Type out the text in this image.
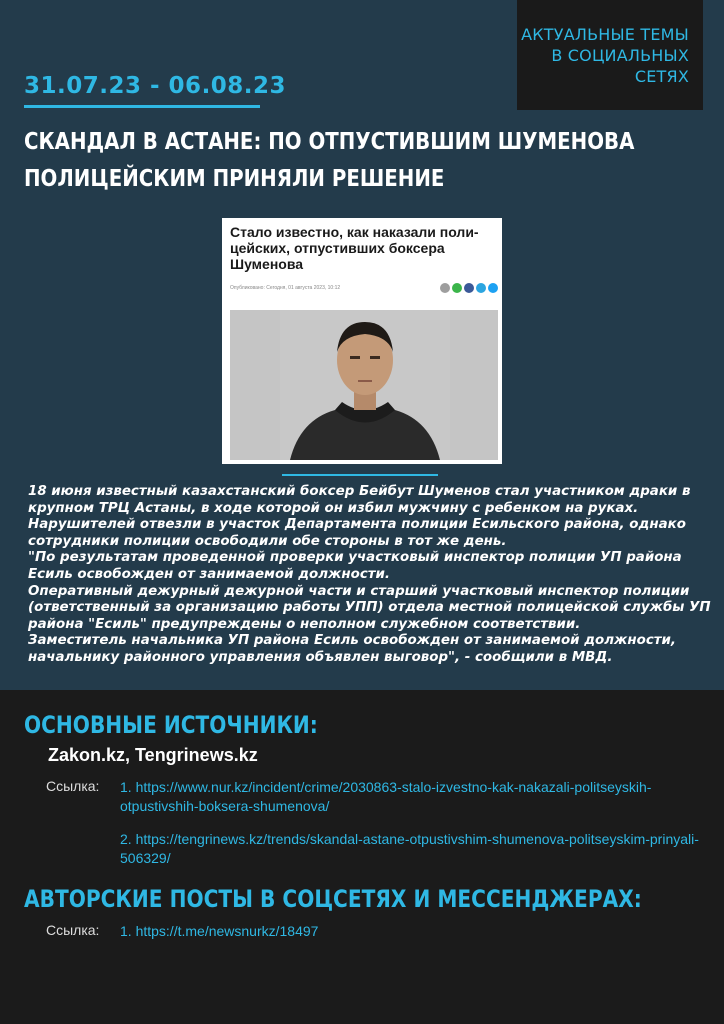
АКТУАЛЬНЫЕ ТЕМЫ
В СОЦИАЛЬНЫХ
СЕТЯХ
31.07.23 - 06.08.23
СКАНДАЛ В АСТАНЕ: ПО ОТПУСТИВШИМ ШУМЕНОВА
ПОЛИЦЕЙСКИМ ПРИНЯЛИ РЕШЕНИЕ
Стало известно, как наказали поли-цейских, отпустивших боксера Шуменова
Опубликовано: Сегодня, 01 августа 2023, 10:12

18 июня известный казахстанский боксер Бейбут Шуменов стал участником драки в крупном ТРЦ Астаны, в ходе которой он избил мужчину с ребенком на руках. Нарушителей отвезли в участок Департамента полиции Есильского района, однако сотрудники полиции освободили обе стороны в тот же день.

"По результатам проведенной проверки участковый инспектор полиции УП района Есиль освобожден от занимаемой должности.

Оперативный дежурный дежурной части и старший участковый инспектор полиции (ответственный за организацию работы УПП) отдела местной полицейской службы УП района "Есиль" предупреждены о неполном служебном соответствии.

Заместитель начальника УП района Есиль освобожден от занимаемой должности, начальнику районного управления объявлен выговор", - сообщили в МВД.

ОСНОВНЫЕ ИСТОЧНИКИ:
Zakon.kz, Tengrinews.kz
Ссылка: 1. https://www.nur.kz/incident/crime/2030863-stalo-izvestno-kak-nakazali-politseyskih-otpustivshih-boksera-shumenova/
2. https://tengrinews.kz/trends/skandal-astane-otpustivshim-shumenova-politseyskim-prinyali-506329/
АВТОРСКИЕ ПОСТЫ В СОЦСЕТЯХ И МЕССЕНДЖЕРАХ:
Ссылка: 1. https://t.me/newsnurkz/18497
